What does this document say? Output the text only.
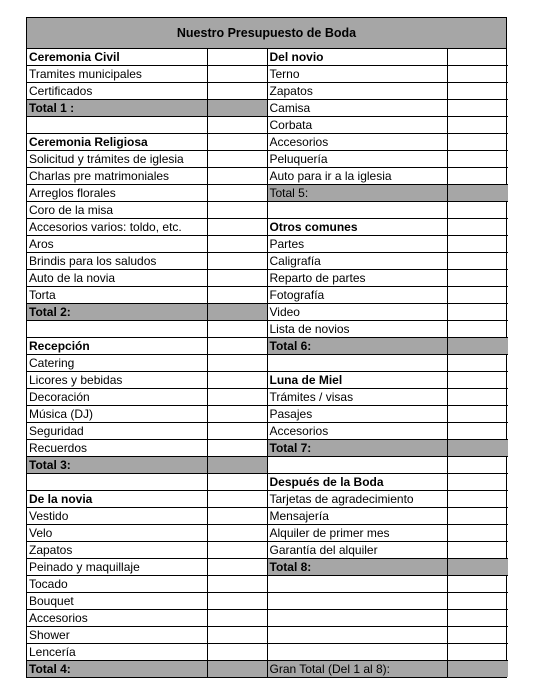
Nuestro Presupuesto de Boda
Ceremonia Civil		Del novio	
Tramites municipales		Terno	
Certificados		Zapatos	
Total 1 :		Camisa	
		Corbata	
Ceremonia Religiosa		Accesorios	
Solicitud y trámites de iglesia		Peluquería	
Charlas pre matrimoniales		Auto para ir a la iglesia	
Arreglos florales		Total 5:	
Coro de la misa			
Accesorios varios: toldo, etc.		Otros comunes	
Aros		Partes	
Brindis para los saludos		Caligrafía	
Auto de la novia		Reparto de partes	
Torta		Fotografía	
Total 2:		Video	
		Lista de novios	
Recepción		Total 6:	
Catering			
Licores y bebidas		Luna de Miel	
Decoración		Trámites / visas	
Música (DJ)		Pasajes	
Seguridad		Accesorios	
Recuerdos		Total 7:	
Total 3:			
		Después de la Boda	
De la novia		Tarjetas de agradecimiento	
Vestido		Mensajería	
Velo		Alquiler de primer mes	
Zapatos		Garantía del alquiler	
Peinado y maquillaje		Total 8:	
Tocado			
Bouquet			
Accesorios			
Shower			
Lencería			
Total 4:		Gran Total (Del 1 al 8):	
